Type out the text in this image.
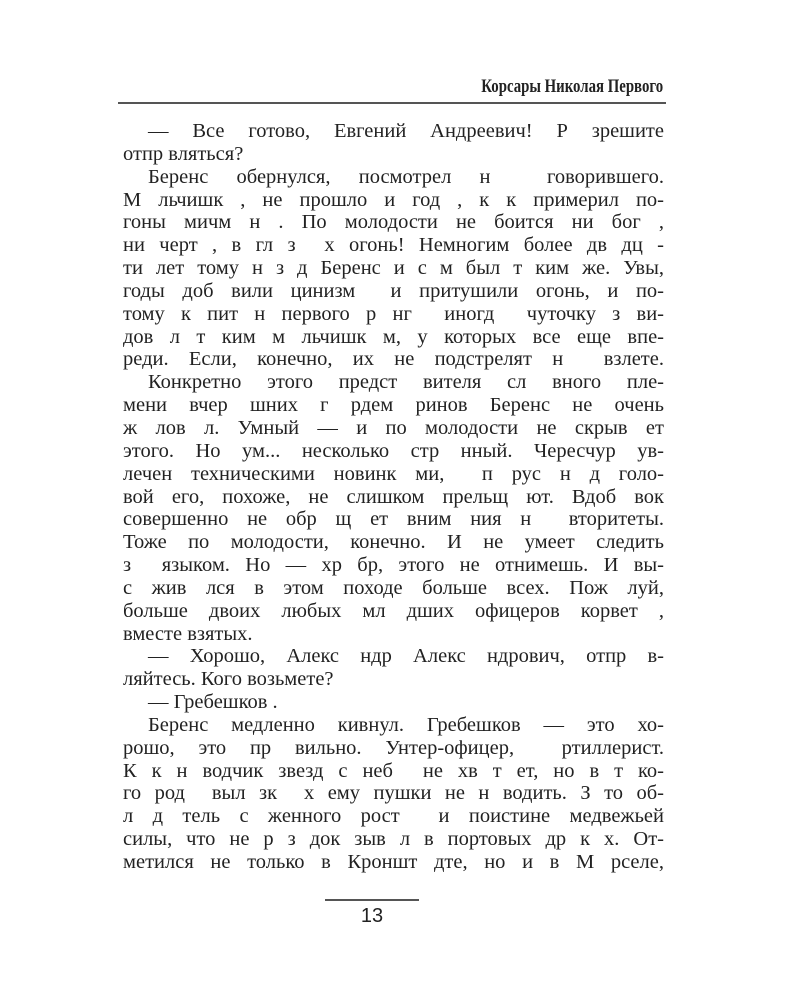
Корсары Николая Первого
— Все готово, Евгений Андреевич! Р зрешите
отпр вляться?
Беренс обернулся, посмотрел н  говорившего.
М льчишк , не прошло и год , к к примерил по-
гоны мичм н . По молодости не боится ни бог ,
ни черт , в гл з  х огонь! Немногим более дв дц -
ти лет тому н з д Беренс и с м был т ким же. Увы,
годы доб вили цинизм  и притушили огонь, и по-
тому к пит н первого р нг  иногд  чуточку з ви-
дов л т ким м льчишк м, у которых все еще впе-
реди. Если, конечно, их не подстрелят н  взлете.
Конкретно этого предст вителя сл вного пле-
мени вчер шних г рдем ринов Беренс не очень
ж лов л. Умный — и по молодости не скрыв ет
этого. Но ум... несколько стр нный. Чересчур ув-
лечен техническими новинк ми,  п рус н д голо-
вой его, похоже, не слишком прельщ ют. Вдоб вок
совершенно не обр щ ет вним ния н  вторитеты.
Тоже по молодости, конечно. И не умеет следить
з  языком. Но — хр бр, этого не отнимешь. И вы-
с жив лся в этом походе больше всех. Пож луй,
больше двоих любых мл дших офицеров корвет ,
вместе взятых.
— Хорошо, Алекс ндр Алекс ндрович, отпр в-
ляйтесь. Кого возьмете?
— Гребешков .
Беренс медленно кивнул. Гребешков — это хо-
рошо, это пр вильно. Унтер-офицер,  ртиллерист.
К к н водчик звезд с неб  не хв т ет, но в т ко-
го род  выл зк  х ему пушки не н водить. З то об-
л д тель с женного рост  и поистине медвежьей
силы, что не р з док зыв л в портовых др к х. От-
метился не только в Кроншт дте, но и в М рселе,
13
